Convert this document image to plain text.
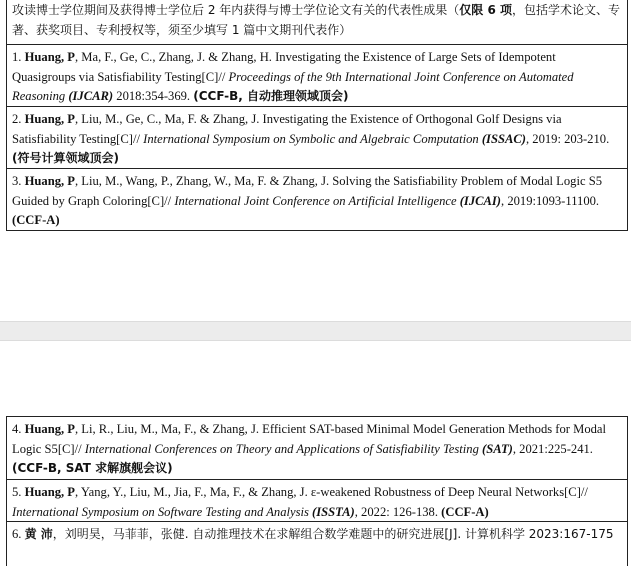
攻读博士学位期间及获得博士学位后 2 年内获得与博士学位论文有关的代表性成果（仅限 6 项，包括学术论文、专著、获奖项目、专利授权等，须至少填写 1 篇中文期刊代表作）
1. Huang, P, Ma, F., Ge, C., Zhang, J. & Zhang, H. Investigating the Existence of Large Sets of Idempotent Quasigroups via Satisfiability Testing[C]// Proceedings of the 9th International Joint Conference on Automated Reasoning (IJCAR) 2018:354-369. (CCF-B, 自动推理领域顶会)
2. Huang, P, Liu, M., Ge, C., Ma, F. & Zhang, J. Investigating the Existence of Orthogonal Golf Designs via Satisfiability Testing[C]// International Symposium on Symbolic and Algebraic Computation (ISSAC), 2019: 203-210. (符号计算领域顶会)
3. Huang, P, Liu, M., Wang, P., Zhang, W., Ma, F. & Zhang, J. Solving the Satisfiability Problem of Modal Logic S5 Guided by Graph Coloring[C]// International Joint Conference on Artificial Intelligence (IJCAI), 2019:1093-11100. (CCF-A)
4. Huang, P, Li, R., Liu, M., Ma, F., & Zhang, J. Efficient SAT-based Minimal Model Generation Methods for Modal Logic S5[C]// International Conferences on Theory and Applications of Satisfiability Testing (SAT), 2021:225-241. (CCF-B, SAT 求解旗舰会议)
5. Huang, P, Yang, Y., Liu, M., Jia, F., Ma, F., & Zhang, J. ε-weakened Robustness of Deep Neural Networks[C]// International Symposium on Software Testing and Analysis (ISSTA), 2022: 126-138. (CCF-A)
6. 黄 沛，刘明昊，马菲菲，张健. 自动推理技术在求解组合数学难题中的研究进展[J]. 计算机科学 2023:167-175
